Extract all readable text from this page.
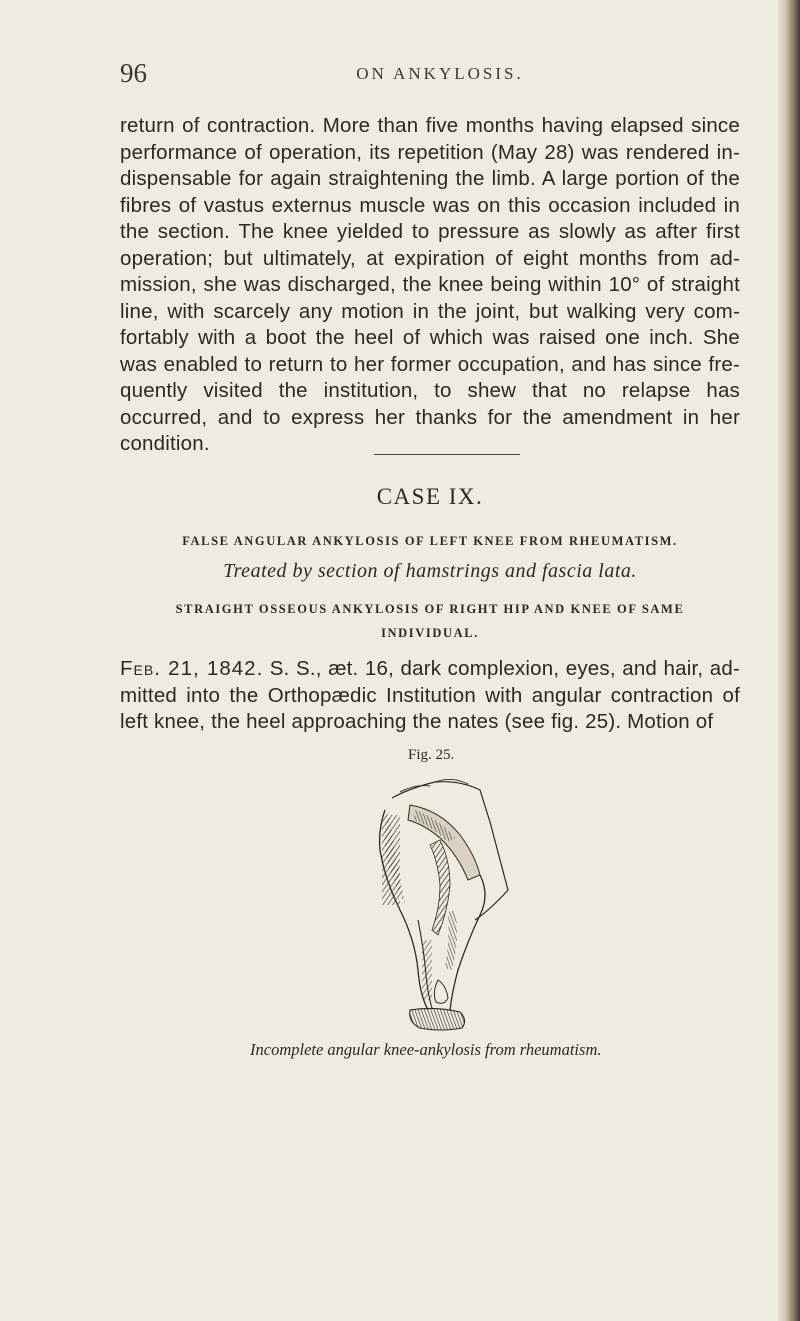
96	ON ANKYLOSIS.

return of contraction. More than five months having elapsed since performance of operation, its repetition (May 28) was rendered in-dispensable for again straightening the limb. A large portion of the fibres of vastus externus muscle was on this occasion included in the section. The knee yielded to pressure as slowly as after first operation; but ultimately, at expiration of eight months from ad-mission, she was discharged, the knee being within 10° of straight line, with scarcely any motion in the joint, but walking very com-fortably with a boot the heel of which was raised one inch. She was enabled to return to her former occupation, and has since fre-quently visited the institution, to shew that no relapse has occurred, and to express her thanks for the amendment in her condition.

CASE IX.
FALSE ANGULAR ANKYLOSIS OF LEFT KNEE FROM RHEUMATISM.
Treated by section of hamstrings and fascia lata.
STRAIGHT OSSEOUS ANKYLOSIS OF RIGHT HIP AND KNEE OF SAME INDIVIDUAL.

Feb. 21, 1842. S. S., æt. 16, dark complexion, eyes, and hair, ad-mitted into the Orthopædic Institution with angular contraction of left knee, the heel approaching the nates (see fig. 25). Motion of

Fig. 25.
Incomplete angular knee-ankylosis from rheumatism.
